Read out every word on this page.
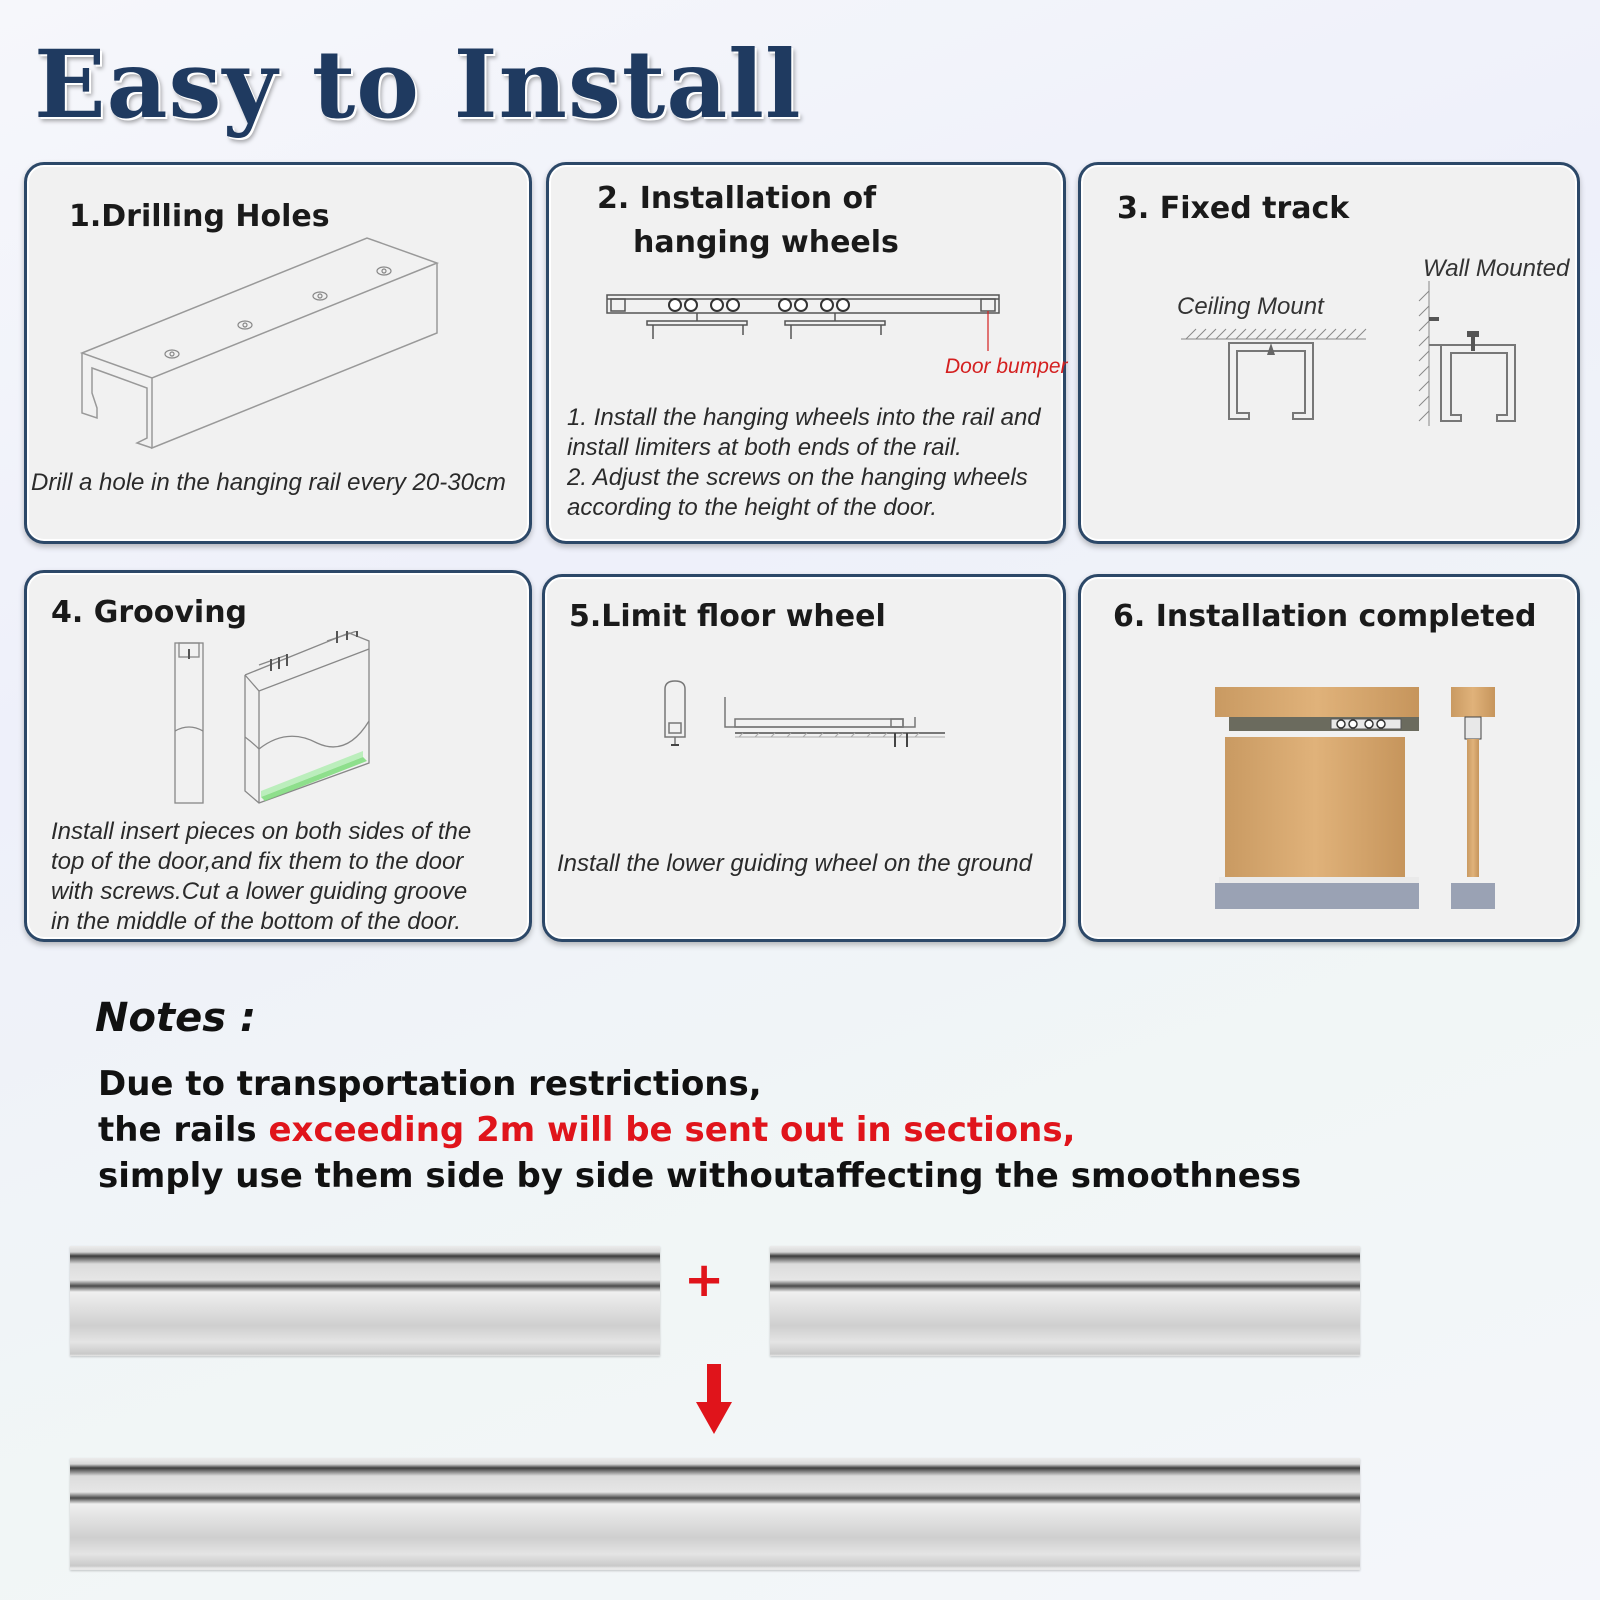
Easy to Install
1.Drilling Holes
Drill a hole in the hanging rail every 20-30cm
2. Installation of
hanging wheels
Door bumper
1. Install the hanging wheels into the rail and
install limiters at both ends of the rail.
2. Adjust the screws on the hanging wheels
according to the height of the door.
3. Fixed track
Ceiling Mount
Wall Mounted
4. Grooving
Install insert pieces on both sides of the
top of the door,and fix them to the door
with screws.Cut a lower guiding groove
in the middle of the bottom of the door.
5.Limit floor wheel
Install the lower guiding wheel on the ground
6. Installation completed
Notes :

Due to transportation restrictions,

the rails exceeding 2m will be sent out in sections,

simply use them side by side withoutaffecting the smoothness

+
